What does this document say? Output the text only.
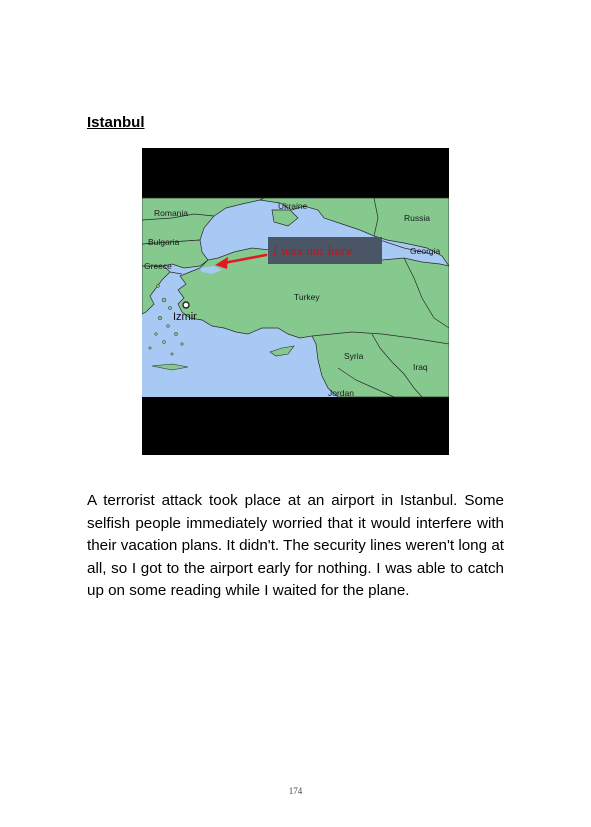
Istanbul
Romania
Ukraine
Russia
Bulgaria
Georgia
Greece
Izmir
Turkey
Syria
Iraq
Jordan
I was not here

A terrorist attack took place at an airport in Istanbul. Some selfish people immediately worried that it would interfere with their vacation plans. It didn't. The security lines weren't long at all, so I got to the airport early for nothing. I was able to catch up on some reading while I waited for the plane.

174
